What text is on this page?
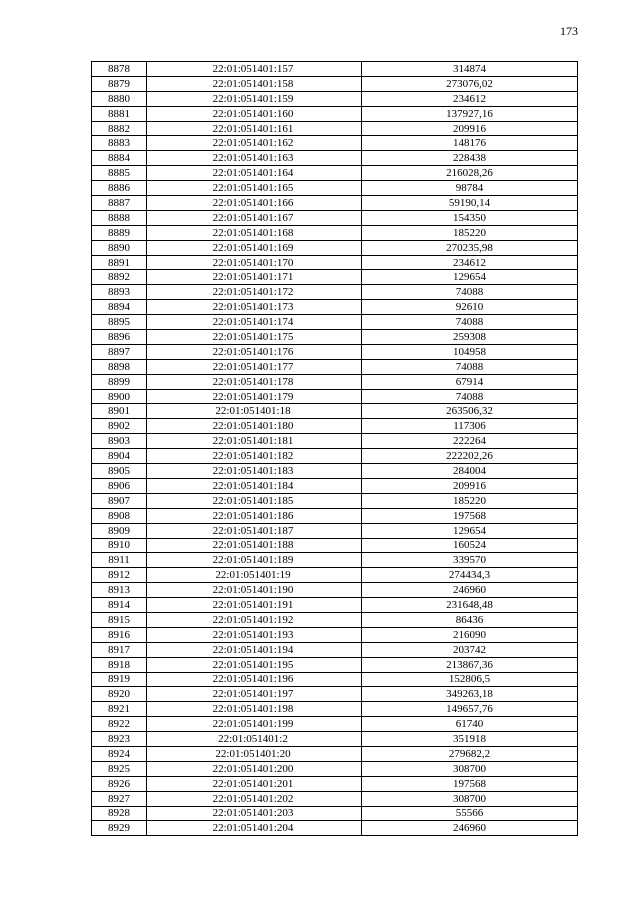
173
8878	22:01:051401:157	314874
8879	22:01:051401:158	273076,02
8880	22:01:051401:159	234612
8881	22:01:051401:160	137927,16
8882	22:01:051401:161	209916
8883	22:01:051401:162	148176
8884	22:01:051401:163	228438
8885	22:01:051401:164	216028,26
8886	22:01:051401:165	98784
8887	22:01:051401:166	59190,14
8888	22:01:051401:167	154350
8889	22:01:051401:168	185220
8890	22:01:051401:169	270235,98
8891	22:01:051401:170	234612
8892	22:01:051401:171	129654
8893	22:01:051401:172	74088
8894	22:01:051401:173	92610
8895	22:01:051401:174	74088
8896	22:01:051401:175	259308
8897	22:01:051401:176	104958
8898	22:01:051401:177	74088
8899	22:01:051401:178	67914
8900	22:01:051401:179	74088
8901	22:01:051401:18	263506,32
8902	22:01:051401:180	117306
8903	22:01:051401:181	222264
8904	22:01:051401:182	222202,26
8905	22:01:051401:183	284004
8906	22:01:051401:184	209916
8907	22:01:051401:185	185220
8908	22:01:051401:186	197568
8909	22:01:051401:187	129654
8910	22:01:051401:188	160524
8911	22:01:051401:189	339570
8912	22:01:051401:19	274434,3
8913	22:01:051401:190	246960
8914	22:01:051401:191	231648,48
8915	22:01:051401:192	86436
8916	22:01:051401:193	216090
8917	22:01:051401:194	203742
8918	22:01:051401:195	213867,36
8919	22:01:051401:196	152806,5
8920	22:01:051401:197	349263,18
8921	22:01:051401:198	149657,76
8922	22:01:051401:199	61740
8923	22:01:051401:2	351918
8924	22:01:051401:20	279682,2
8925	22:01:051401:200	308700
8926	22:01:051401:201	197568
8927	22:01:051401:202	308700
8928	22:01:051401:203	55566
8929	22:01:051401:204	246960
